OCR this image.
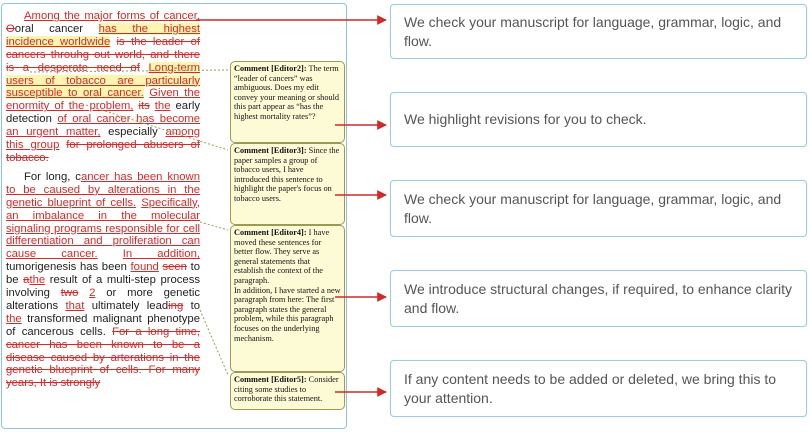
Among the major forms of cancer, Ooral cancer has the highest incidence worldwide is the leader of cancers throuhg out world, and there is a desperate need of Long-term users of tobacco are particularly susceptible to oral cancer. Given the enormity of the problem, its the early detection of oral cancer has become an urgent matter, especially among this group for prolonged abusers of tobacco.

For long, cancer has been known to be caused by alterations in the genetic blueprint of cells. Specifically, an imbalance in the molecular signaling programs responsible for cell differentiation and proliferation can cause cancer. In addition, tumorigenesis has been found seen to be athe result of a multi-step process involving two 2 or more genetic alterations that ultimately leading to the transformed malignant phenotype of cancerous cells. For a long time, cancer has been known to be a disease caused by arterations in the genetic blueprint of cells. For many years, It is strongly

Comment [Editor2]: The term “leader of cancers” was ambiguous. Does my edit convey your meaning or should this part appear as “has the highest mortality rates”?
Comment [Editor3]: Since the paper samples a group of tobacco users, I have introduced this sentence to highlight the paper's focus on tobacco users.
Comment [Editor4]: I have moved these sentences for better flow. They serve as general statements that establish the context of the paragraph.
In addition, I have started a new paragraph from here: The first paragraph states the general problem, while this paragraph focuses on the underlying mechanism.
Comment [Editor5]: Consider citing some studies to corroborate this statement.
We check your manuscript for language, grammar, logic, and flow.
We highlight revisions for you to check.
We check your manuscript for language, grammar, logic, and flow.
We introduce structural changes, if required, to enhance clarity and flow.
If any content needs to be added or deleted, we bring this to your attention.
